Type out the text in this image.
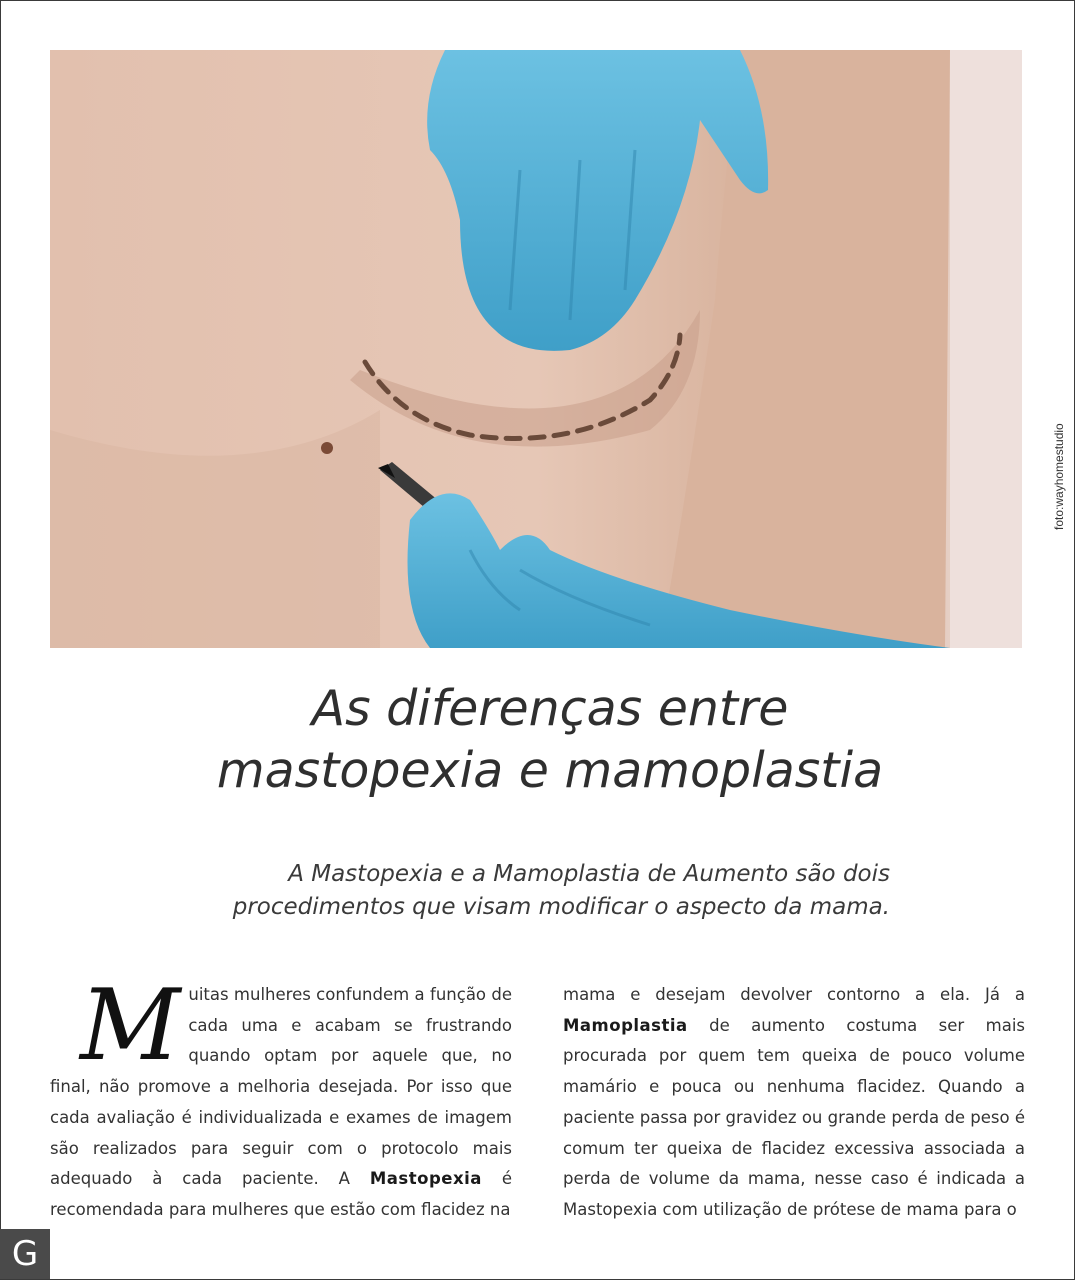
foto:wayhomestudio
As diferenças entre
mastopexia e mamoplastia

A Mastopexia e a Mamoplastia de Aumento são dois procedimentos que visam modificar o aspecto da mama.

Muitas mulheres confundem a função de cada uma e acabam se frustrando quando optam por aquele que, no final, não promove a melhoria desejada. Por isso que cada avaliação é individualizada e exames de imagem são realizados para seguir com o protocolo mais adequado à cada paciente. A Mastopexia é recomendada para mulheres que estão com flacidez na
mama e desejam devolver contorno a ela. Já a Mamoplastia de aumento costuma ser mais procurada por quem tem queixa de pouco volume mamário e pouca ou nenhuma flacidez. Quando a paciente passa por gravidez ou grande perda de peso é comum ter queixa de flacidez excessiva associada a perda de volume da mama, nesse caso é indicada a Mastopexia com utilização de prótese de mama para o
G
